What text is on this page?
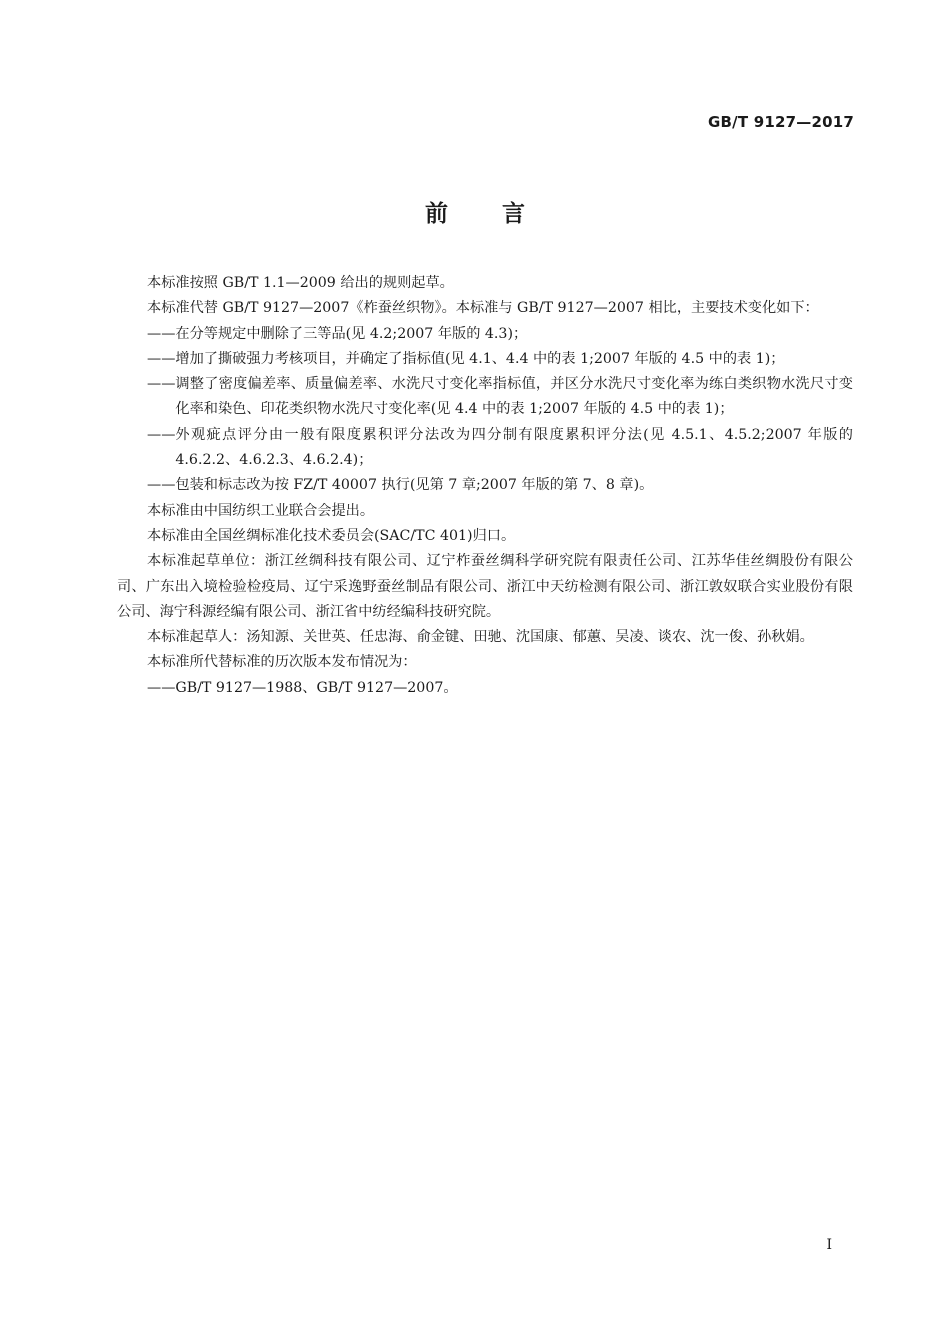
GB/T 9127—2017
前言

本标准按照 GB/T 1.1—2009 给出的规则起草。

本标准代替 GB/T 9127—2007《柞蚕丝织物》。本标准与 GB/T 9127—2007 相比，主要技术变化如下：

—— 在分等规定中删除了三等品(见 4.2;2007 年版的 4.3)；
—— 增加了撕破强力考核项目，并确定了指标值(见 4.1、4.4 中的表 1;2007 年版的 4.5 中的表 1)；
—— 调整了密度偏差率、质量偏差率、水洗尺寸变化率指标值，并区分水洗尺寸变化率为练白类织物水洗尺寸变化率和染色、印花类织物水洗尺寸变化率(见 4.4 中的表 1;2007 年版的 4.5 中的表 1)；
—— 外观疵点评分由一般有限度累积评分法改为四分制有限度累积评分法(见 4.5.1、4.5.2;2007 年版的 4.6.2.2、4.6.2.3、4.6.2.4)；
—— 包装和标志改为按 FZ/T 40007 执行(见第 7 章;2007 年版的第 7、8 章)。

本标准由中国纺织工业联合会提出。

本标准由全国丝绸标准化技术委员会(SAC/TC 401)归口。

本标准起草单位：浙江丝绸科技有限公司、辽宁柞蚕丝绸科学研究院有限责任公司、江苏华佳丝绸股份有限公司、广东出入境检验检疫局、辽宁采逸野蚕丝制品有限公司、浙江中天纺检测有限公司、浙江敦奴联合实业股份有限公司、海宁科源经编有限公司、浙江省中纺经编科技研究院。

本标准起草人：汤知源、关世英、任忠海、俞金键、田驰、沈国康、郁蕙、吴凌、谈农、沈一俊、孙秋娟。

本标准所代替标准的历次版本发布情况为：

—— GB/T 9127—1988、GB/T 9127—2007。
I
